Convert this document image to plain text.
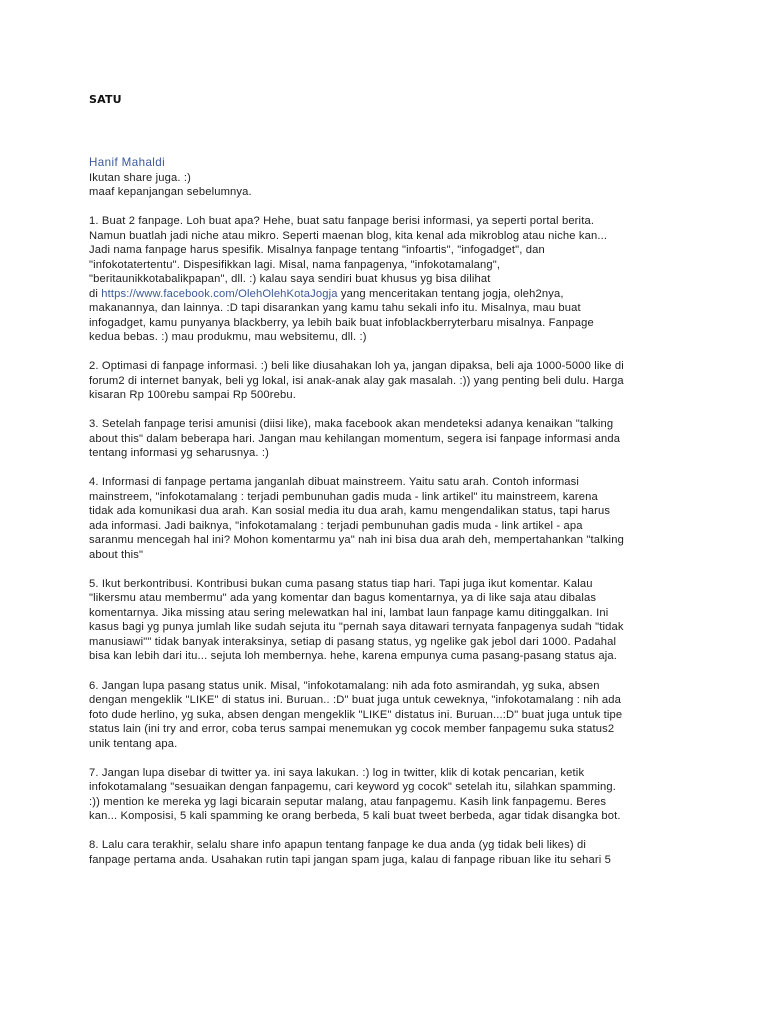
SATU
Hanif Mahaldi
Ikutan share juga. :)
maaf kepanjangan sebelumnya.
1. Buat 2 fanpage. Loh buat apa? Hehe, buat satu fanpage berisi informasi, ya seperti portal berita.
Namun buatlah jadi niche atau mikro. Seperti maenan blog, kita kenal ada mikroblog atau niche kan...
Jadi nama fanpage harus spesifik. Misalnya fanpage tentang "infoartis", "infogadget", dan
"infokotatertentu". Dispesifikkan lagi. Misal, nama fanpagenya, "infokotamalang",
"beritaunikkotabalikpapan", dll. :) kalau saya sendiri buat khusus yg bisa dilihat
di https://www.facebook.com/OlehOlehKotaJogja yang menceritakan tentang jogja, oleh2nya,
makanannya, dan lainnya. :D tapi disarankan yang kamu tahu sekali info itu. Misalnya, mau buat
infogadget, kamu punyanya blackberry, ya lebih baik buat infoblackberryterbaru misalnya. Fanpage
kedua bebas. :) mau produkmu, mau websitemu, dll. :)
2. Optimasi di fanpage informasi. :) beli like diusahakan loh ya, jangan dipaksa, beli aja 1000-5000 like di
forum2 di internet banyak, beli yg lokal, isi anak-anak alay gak masalah. :)) yang penting beli dulu. Harga
kisaran Rp 100rebu sampai Rp 500rebu.
3. Setelah fanpage terisi amunisi (diisi like), maka facebook akan mendeteksi adanya kenaikan "talking
about this" dalam beberapa hari. Jangan mau kehilangan momentum, segera isi fanpage informasi anda
tentang informasi yg seharusnya. :)
4. Informasi di fanpage pertama janganlah dibuat mainstreem. Yaitu satu arah. Contoh informasi
mainstreem, "infokotamalang : terjadi pembunuhan gadis muda - link artikel" itu mainstreem, karena
tidak ada komunikasi dua arah. Kan sosial media itu dua arah, kamu mengendalikan status, tapi harus
ada informasi. Jadi baiknya, "infokotamalang : terjadi pembunuhan gadis muda - link artikel - apa
saranmu mencegah hal ini? Mohon komentarmu ya" nah ini bisa dua arah deh, mempertahankan "talking
about this"
5. Ikut berkontribusi. Kontribusi bukan cuma pasang status tiap hari. Tapi juga ikut komentar. Kalau
"likersmu atau membermu" ada yang komentar dan bagus komentarnya, ya di like saja atau dibalas
komentarnya. Jika missing atau sering melewatkan hal ini, lambat laun fanpage kamu ditinggalkan. Ini
kasus bagi yg punya jumlah like sudah sejuta itu "pernah saya ditawari ternyata fanpagenya sudah "tidak
manusiawi"" tidak banyak interaksinya, setiap di pasang status, yg ngelike gak jebol dari 1000. Padahal
bisa kan lebih dari itu... sejuta loh membernya. hehe, karena empunya cuma pasang-pasang status aja.
6. Jangan lupa pasang status unik. Misal, "infokotamalang: nih ada foto asmirandah, yg suka, absen
dengan mengeklik "LIKE" di status ini. Buruan.. :D" buat juga untuk ceweknya, "infokotamalang : nih ada
foto dude herlino, yg suka, absen dengan mengeklik "LIKE" distatus ini. Buruan...:D" buat juga untuk tipe
status lain (ini try and error, coba terus sampai menemukan yg cocok member fanpagemu suka status2
unik tentang apa.
7. Jangan lupa disebar di twitter ya. ini saya lakukan. :) log in twitter, klik di kotak pencarian, ketik
infokotamalang "sesuaikan dengan fanpagemu, cari keyword yg cocok" setelah itu, silahkan spamming.
:)) mention ke mereka yg lagi bicarain seputar malang, atau fanpagemu. Kasih link fanpagemu. Beres
kan... Komposisi, 5 kali spamming ke orang berbeda, 5 kali buat tweet berbeda, agar tidak disangka bot.
8. Lalu cara terakhir, selalu share info apapun tentang fanpage ke dua anda (yg tidak beli likes) di
fanpage pertama anda. Usahakan rutin tapi jangan spam juga, kalau di fanpage ribuan like itu sehari 5
